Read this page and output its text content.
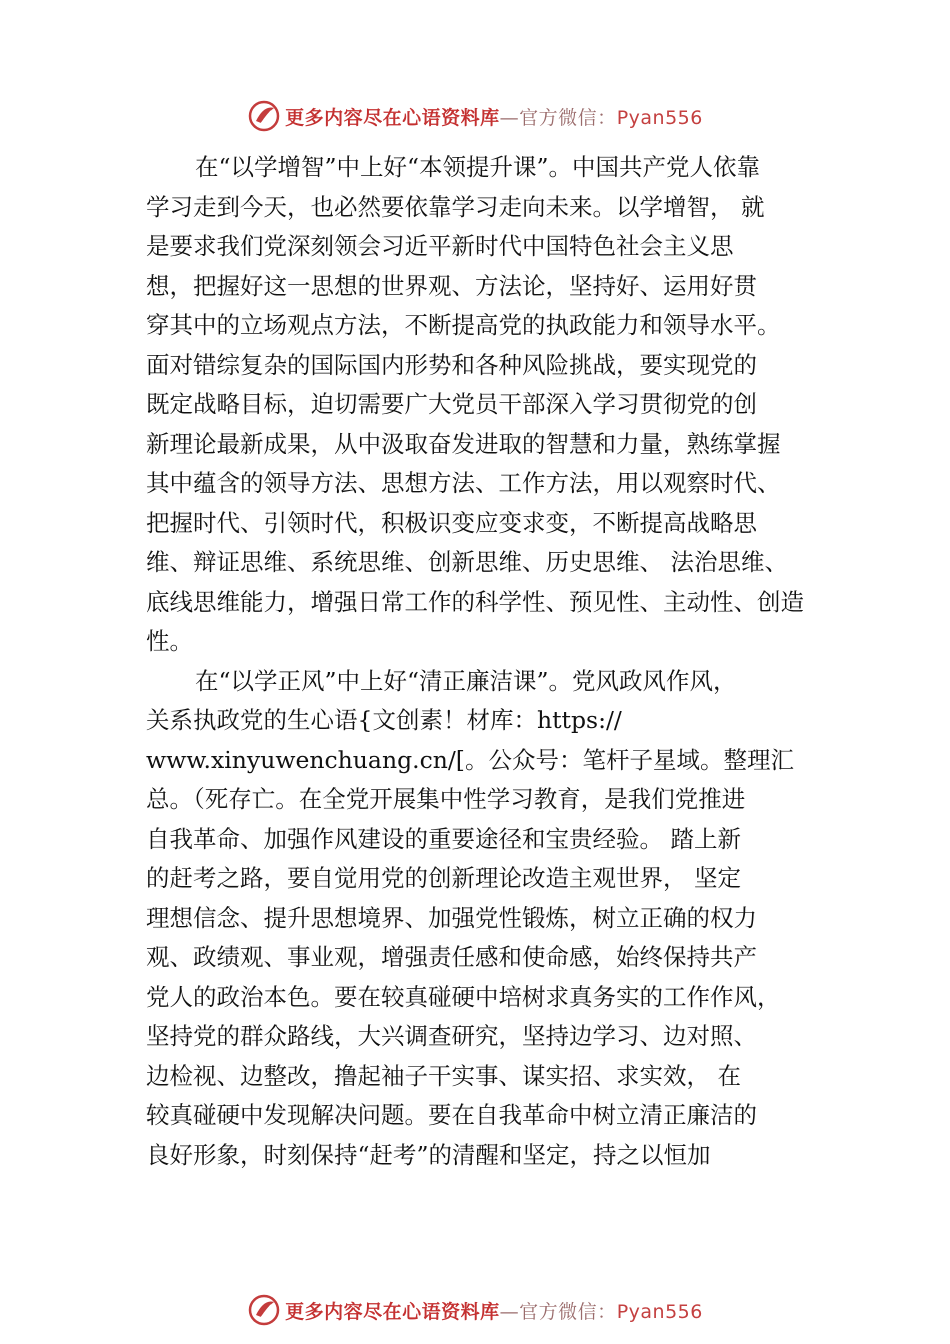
更多内容尽在心语资料库—官方微信：Pyan556
在“以学增智”中上好“本领提升课”。中国共产党人依靠
学习走到今天，也必然要依靠学习走向未来。以学增智， 就
是要求我们党深刻领会习近平新时代中国特色社会主义思
想，把握好这一思想的世界观、方法论，坚持好、运用好贯
穿其中的立场观点方法，不断提高党的执政能力和领导水平。
面对错综复杂的国际国内形势和各种风险挑战，要实现党的
既定战略目标，迫切需要广大党员干部深入学习贯彻党的创
新理论最新成果，从中汲取奋发进取的智慧和力量，熟练掌握
其中蕴含的领导方法、思想方法、工作方法，用以观察时代、
把握时代、引领时代，积极识变应变求变，不断提高战略思
维、辩证思维、系统思维、创新思维、历史思维、 法治思维、
底线思维能力，增强日常工作的科学性、预见性、主动性、创造
性。
在“以学正风”中上好“清正廉洁课”。党风政风作风，
关系执政党的生心语{文创素！材库：https://
www.xinyuwenchuang.cn/[。公众号：笔杆子星域。整理汇
总。（死存亡。在全党开展集中性学习教育，是我们党推进
自我革命、加强作风建设的重要途径和宝贵经验。 踏上新
的赶考之路，要自觉用党的创新理论改造主观世界， 坚定
理想信念、提升思想境界、加强党性锻炼，树立正确的权力
观、政绩观、事业观，增强责任感和使命感，始终保持共产
党人的政治本色。要在较真碰硬中培树求真务实的工作作风，
坚持党的群众路线，大兴调查研究，坚持边学习、边对照、
边检视、边整改，撸起袖子干实事、谋实招、求实效， 在
较真碰硬中发现解决问题。要在自我革命中树立清正廉洁的
良好形象，时刻保持“赶考”的清醒和坚定，持之以恒加
更多内容尽在心语资料库—官方微信：Pyan556
